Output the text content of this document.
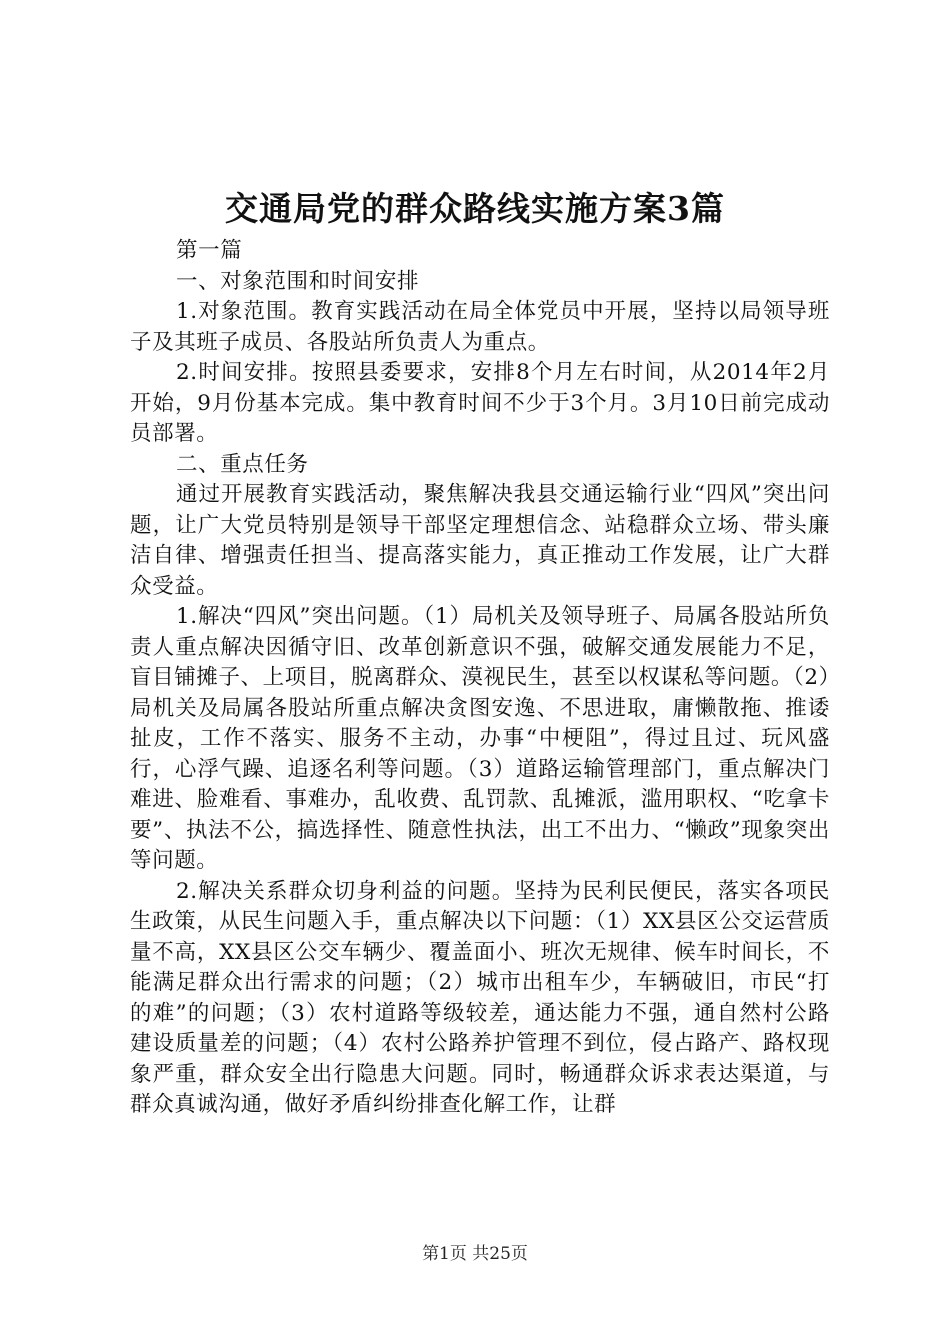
交通局党的群众路线实施方案3篇

第一篇

一、对象范围和时间安排

1.对象范围。教育实践活动在局全体党员中开展，坚持以局领导班子及其班子成员、各股站所负责人为重点。

2.时间安排。按照县委要求，安排8个月左右时间，从2014年2月开始，9月份基本完成。集中教育时间不少于3个月。3月10日前完成动员部署。

二、重点任务

通过开展教育实践活动，聚焦解决我县交通运输行业“四风”突出问题，让广大党员特别是领导干部坚定理想信念、站稳群众立场、带头廉洁自律、增强责任担当、提高落实能力，真正推动工作发展，让广大群众受益。

1.解决“四风”突出问题。（1）局机关及领导班子、局属各股站所负责人重点解决因循守旧、改革创新意识不强，破解交通发展能力不足，盲目铺摊子、上项目，脱离群众、漠视民生，甚至以权谋私等问题。（2）局机关及局属各股站所重点解决贪图安逸、不思进取，庸懒散拖、推诿扯皮，工作不落实、服务不主动，办事“中梗阻”，得过且过、玩风盛行，心浮气躁、追逐名利等问题。（3）道路运输管理部门，重点解决门难进、脸难看、事难办，乱收费、乱罚款、乱摊派，滥用职权、“吃拿卡要”、执法不公，搞选择性、随意性执法，出工不出力、“懒政”现象突出等问题。

2.解决关系群众切身利益的问题。坚持为民利民便民，落实各项民生政策，从民生问题入手，重点解决以下问题：（1）XX县区公交运营质量不高，XX县区公交车辆少、覆盖面小、班次无规律、候车时间长，不能满足群众出行需求的问题；（2）城市出租车少，车辆破旧，市民“打的难”的问题；（3）农村道路等级较差，通达能力不强，通自然村公路建设质量差的问题；（4）农村公路养护管理不到位，侵占路产、路权现象严重，群众安全出行隐患大问题。同时，畅通群众诉求表达渠道，与群众真诚沟通，做好矛盾纠纷排查化解工作，让群

第1页 共25页
